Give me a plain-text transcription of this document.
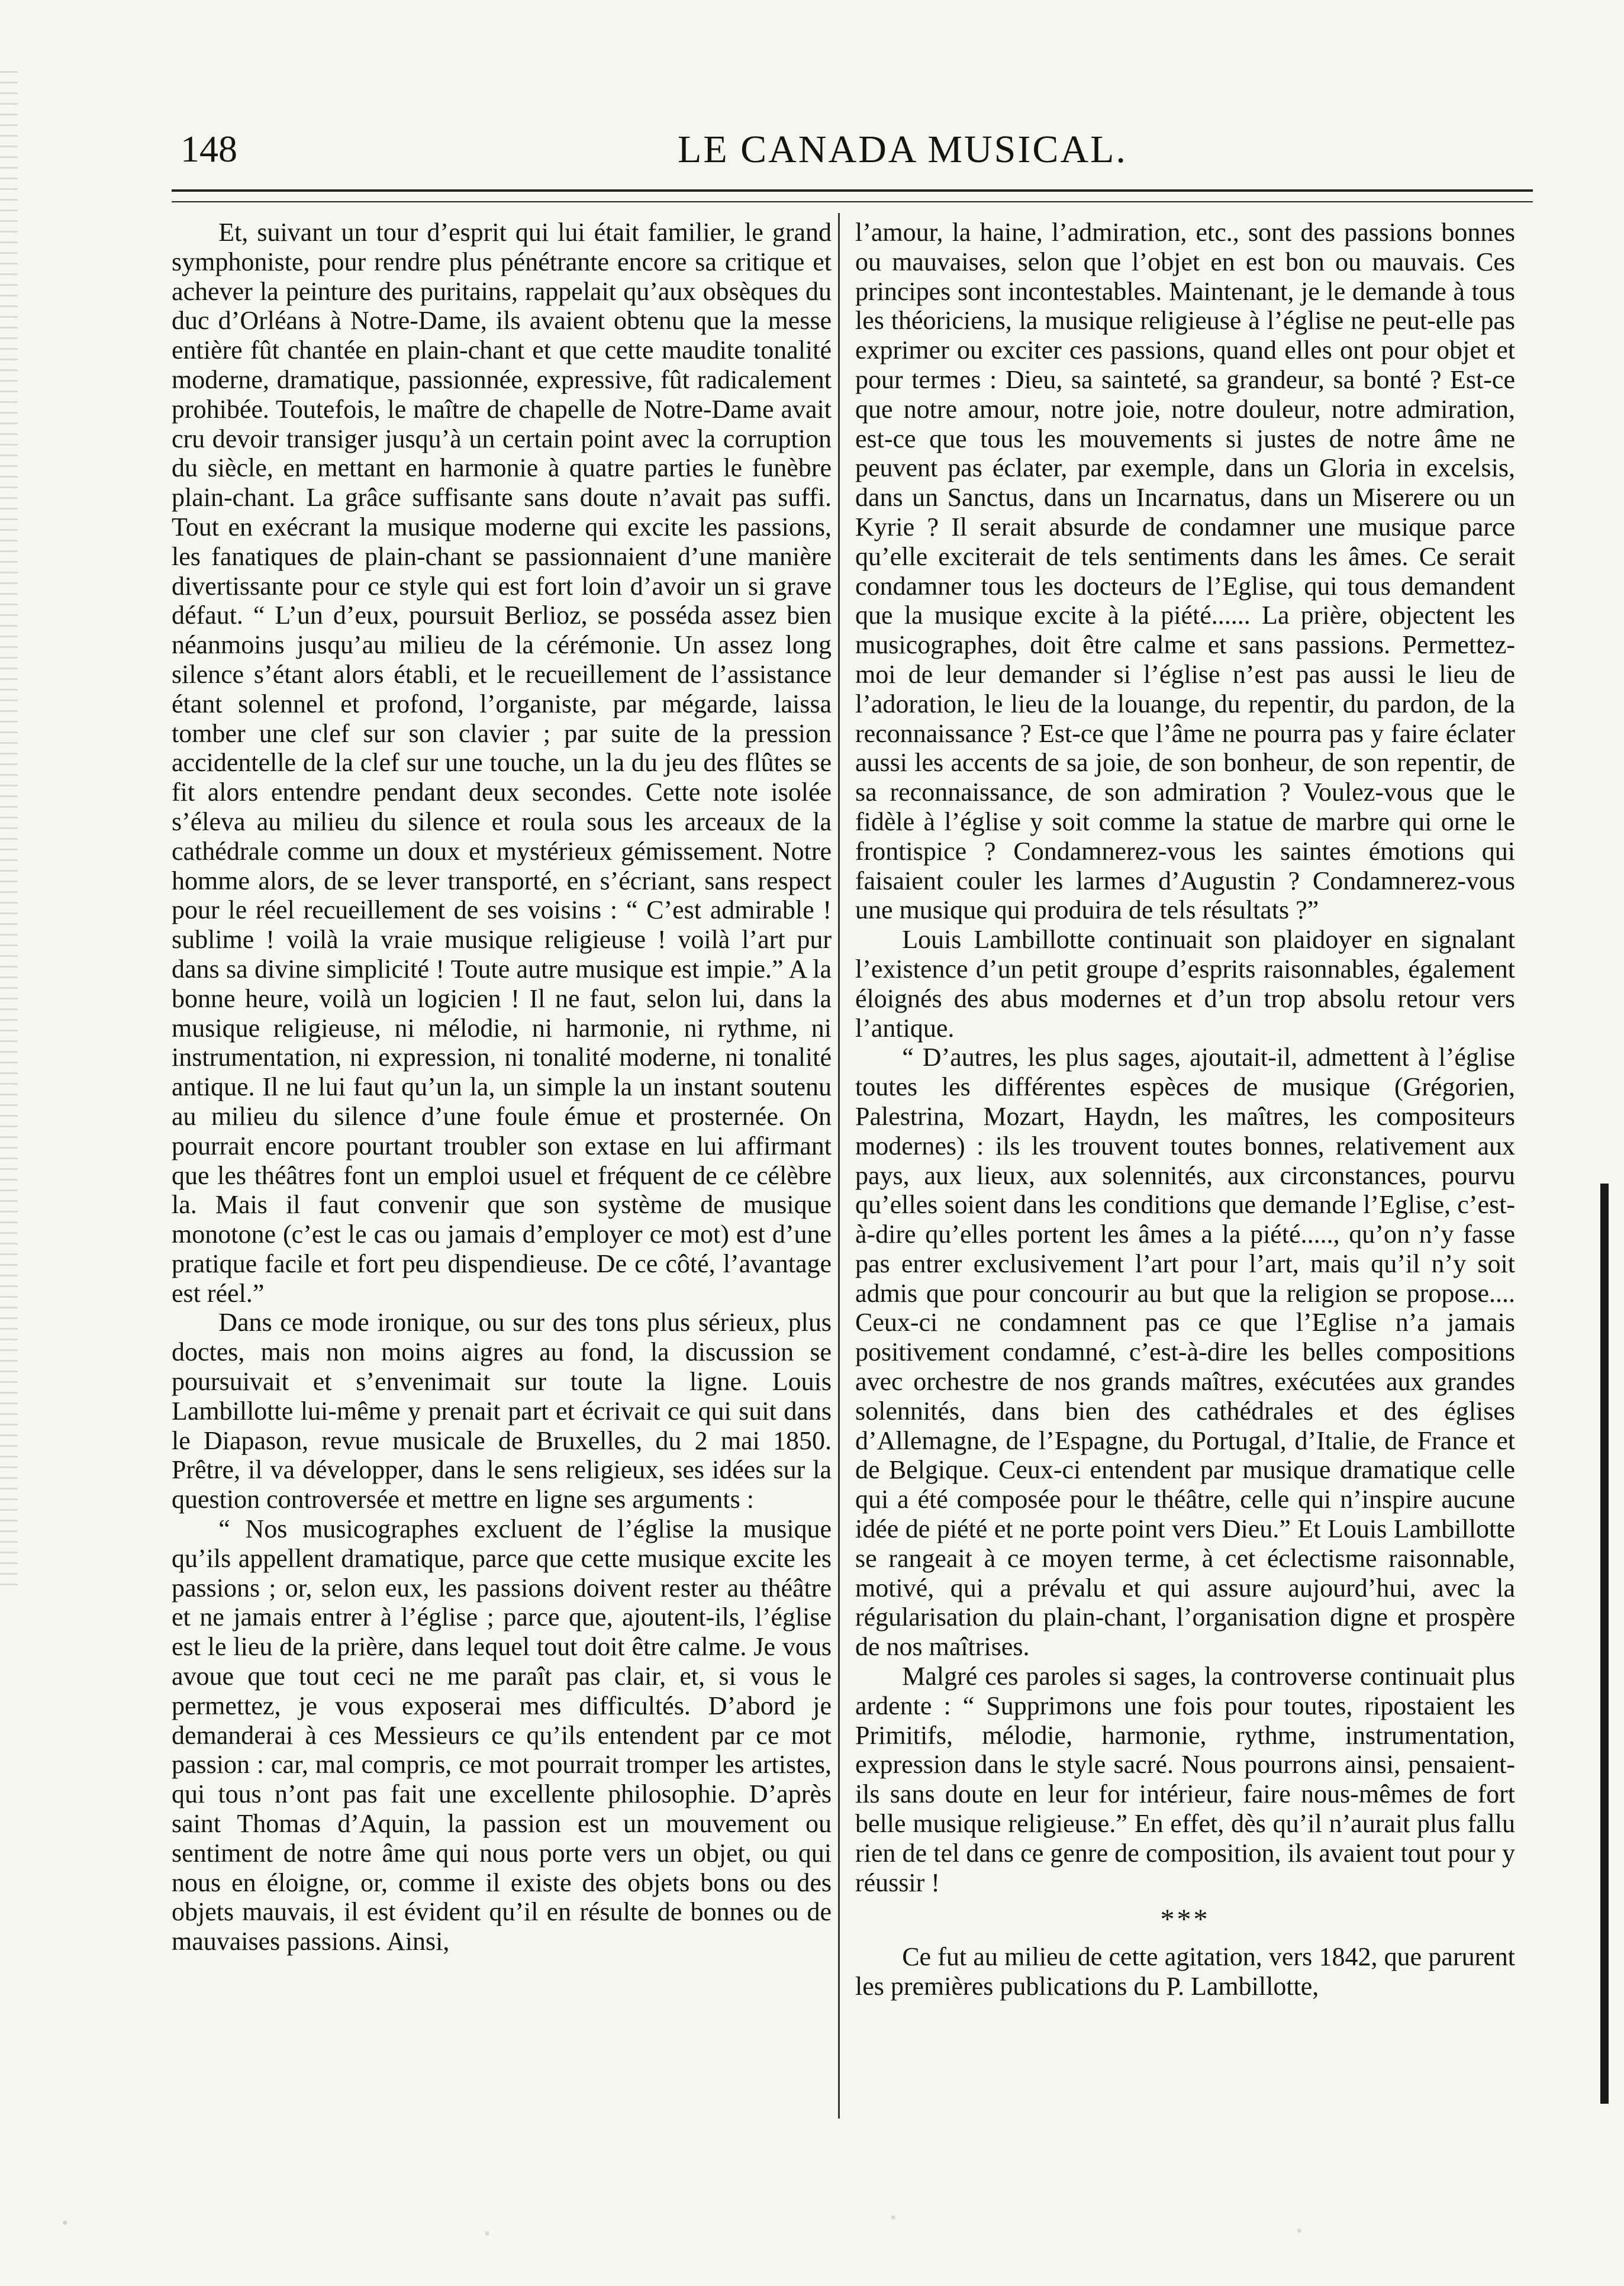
148	LE CANADA MUSICAL.

Et, suivant un tour d’esprit qui lui était familier, le grand symphoniste, pour rendre plus pénétrante encore sa critique et achever la peinture des puritains, rappelait qu’aux obsèques du duc d’Orléans à Notre-Dame, ils avaient obtenu que la messe entière fût chantée en plain-chant et que cette maudite tonalité moderne, dramatique, passionnée, expressive, fût radicalement prohibée. Toutefois, le maître de chapelle de Notre-Dame avait cru devoir transiger jusqu’à un certain point avec la corruption du siècle, en mettant en harmonie à quatre parties le funèbre plain-chant. La grâce suffisante sans doute n’avait pas suffi. Tout en exécrant la musique moderne qui excite les passions, les fanatiques de plain-chant se passionnaient d’une manière divertissante pour ce style qui est fort loin d’avoir un si grave défaut. “ L’un d’eux, poursuit Berlioz, se posséda assez bien néanmoins jusqu’au milieu de la cérémonie. Un assez long silence s’étant alors établi, et le recueillement de l’assistance étant solennel et profond, l’organiste, par mégarde, laissa tomber une clef sur son clavier ; par suite de la pression accidentelle de la clef sur une touche, un la du jeu des flûtes se fit alors entendre pendant deux secondes. Cette note isolée s’éleva au milieu du silence et roula sous les arceaux de la cathédrale comme un doux et mystérieux gémissement. Notre homme alors, de se lever transporté, en s’écriant, sans respect pour le réel recueillement de ses voisins : “ C’est admirable ! sublime ! voilà la vraie musique religieuse ! voilà l’art pur dans sa divine simplicité ! Toute autre musique est impie.” A la bonne heure, voilà un logicien ! Il ne faut, selon lui, dans la musique religieuse, ni mélodie, ni harmonie, ni rythme, ni instrumentation, ni expression, ni tonalité moderne, ni tonalité antique. Il ne lui faut qu’un la, un simple la un instant soutenu au milieu du silence d’une foule émue et prosternée. On pourrait encore pourtant troubler son extase en lui affirmant que les théâtres font un emploi usuel et fréquent de ce célèbre la. Mais il faut convenir que son système de musique monotone (c’est le cas ou jamais d’employer ce mot) est d’une pratique facile et fort peu dispendieuse. De ce côté, l’avantage est réel.”

Dans ce mode ironique, ou sur des tons plus sérieux, plus doctes, mais non moins aigres au fond, la discussion se poursuivait et s’envenimait sur toute la ligne. Louis Lambillotte lui-même y prenait part et écrivait ce qui suit dans le Diapason, revue musicale de Bruxelles, du 2 mai 1850. Prêtre, il va développer, dans le sens religieux, ses idées sur la question controversée et mettre en ligne ses arguments :

“ Nos musicographes excluent de l’église la musique qu’ils appellent dramatique, parce que cette musique excite les passions ; or, selon eux, les passions doivent rester au théâtre et ne jamais entrer à l’église ; parce que, ajoutent-ils, l’église est le lieu de la prière, dans lequel tout doit être calme. Je vous avoue que tout ceci ne me paraît pas clair, et, si vous le permettez, je vous exposerai mes difficultés. D’abord je demanderai à ces Messieurs ce qu’ils entendent par ce mot passion : car, mal compris, ce mot pourrait tromper les artistes, qui tous n’ont pas fait une excellente philosophie. D’après saint Thomas d’Aquin, la passion est un mouvement ou sentiment de notre âme qui nous porte vers un objet, ou qui nous en éloigne, or, comme il existe des objets bons ou des objets mauvais, il est évident qu’il en résulte de bonnes ou de mauvaises passions. Ainsi,

l’amour, la haine, l’admiration, etc., sont des passions bonnes ou mauvaises, selon que l’objet en est bon ou mauvais. Ces principes sont incontestables. Maintenant, je le demande à tous les théoriciens, la musique religieuse à l’église ne peut-elle pas exprimer ou exciter ces passions, quand elles ont pour objet et pour termes : Dieu, sa sainteté, sa grandeur, sa bonté ? Est-ce que notre amour, notre joie, notre douleur, notre admiration, est-ce que tous les mouvements si justes de notre âme ne peuvent pas éclater, par exemple, dans un Gloria in excelsis, dans un Sanctus, dans un Incarnatus, dans un Miserere ou un Kyrie ? Il serait absurde de condamner une musique parce qu’elle exciterait de tels sentiments dans les âmes. Ce serait condamner tous les docteurs de l’Eglise, qui tous demandent que la musique excite à la piété...... La prière, objectent les musicographes, doit être calme et sans passions. Permettez-moi de leur demander si l’église n’est pas aussi le lieu de l’adoration, le lieu de la louange, du repentir, du pardon, de la reconnaissance ? Est-ce que l’âme ne pourra pas y faire éclater aussi les accents de sa joie, de son bonheur, de son repentir, de sa reconnaissance, de son admiration ? Voulez-vous que le fidèle à l’église y soit comme la statue de marbre qui orne le frontispice ? Condamnerez-vous les saintes émotions qui faisaient couler les larmes d’Augustin ? Condamnerez-vous une musique qui produira de tels résultats ?”

Louis Lambillotte continuait son plaidoyer en signalant l’existence d’un petit groupe d’esprits raisonnables, également éloignés des abus modernes et d’un trop absolu retour vers l’antique.

“ D’autres, les plus sages, ajoutait-il, admettent à l’église toutes les différentes espèces de musique (Grégorien, Palestrina, Mozart, Haydn, les maîtres, les compositeurs modernes) : ils les trouvent toutes bonnes, relativement aux pays, aux lieux, aux solennités, aux circonstances, pourvu qu’elles soient dans les conditions que demande l’Eglise, c’est-à-dire qu’elles portent les âmes a la piété....., qu’on n’y fasse pas entrer exclusivement l’art pour l’art, mais qu’il n’y soit admis que pour concourir au but que la religion se propose.... Ceux-ci ne condamnent pas ce que l’Eglise n’a jamais positivement condamné, c’est-à-dire les belles compositions avec orchestre de nos grands maîtres, exécutées aux grandes solennités, dans bien des cathédrales et des églises d’Allemagne, de l’Espagne, du Portugal, d’Italie, de France et de Belgique. Ceux-ci entendent par musique dramatique celle qui a été composée pour le théâtre, celle qui n’inspire aucune idée de piété et ne porte point vers Dieu.” Et Louis Lambillotte se rangeait à ce moyen terme, à cet éclectisme raisonnable, motivé, qui a prévalu et qui assure aujourd’hui, avec la régularisation du plain-chant, l’organisation digne et prospère de nos maîtrises.

Malgré ces paroles si sages, la controverse continuait plus ardente : “ Supprimons une fois pour toutes, ripostaient les Primitifs, mélodie, harmonie, rythme, instrumentation, expression dans le style sacré. Nous pourrons ainsi, pensaient-ils sans doute en leur for intérieur, faire nous-mêmes de fort belle musique religieuse.” En effet, dès qu’il n’aurait plus fallu rien de tel dans ce genre de composition, ils avaient tout pour y réussir !

***

Ce fut au milieu de cette agitation, vers 1842, que parurent les premières publications du P. Lambillotte,
